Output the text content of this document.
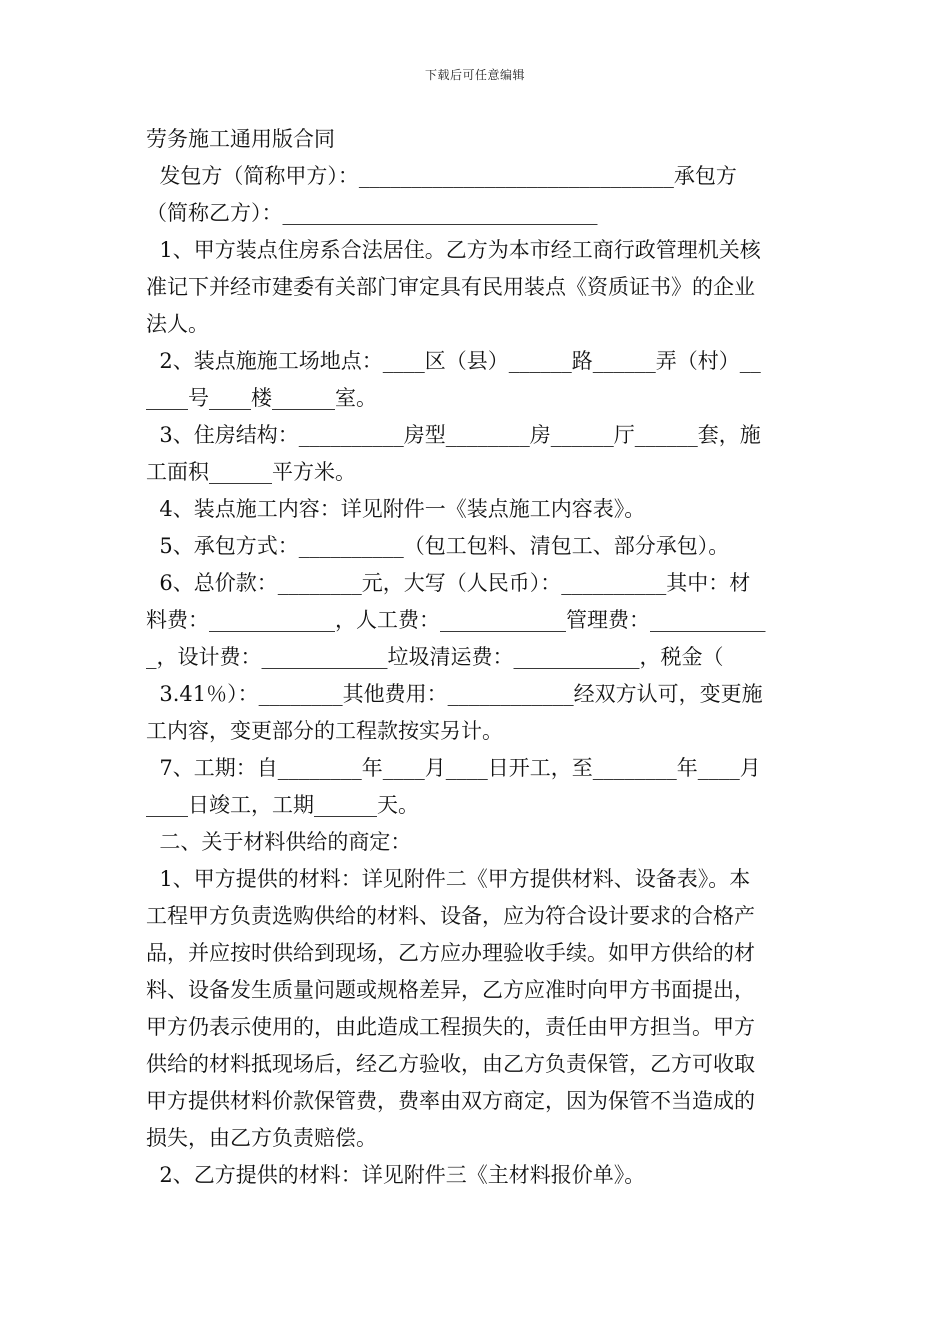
下载后可任意编辑
劳务施工通用版合同
发包方（简称甲方）：______________________________承包方
（简称乙方）：______________________________
1、甲方装点住房系合法居住。乙方为本市经工商行政管理机关核
准记下并经市建委有关部门审定具有民用装点《资质证书》的企业
法人。
2、装点施施工场地点：____区（县）______路______弄（村）__
____号____楼______室。
3、住房结构：__________房型________房______厅______套，施
工面积______平方米。
4、装点施工内容：详见附件一《装点施工内容表》。
5、承包方式：__________（包工包料、清包工、部分承包）。
6、总价款：________元，大写（人民币）：__________其中：材
料费：____________，人工费：____________管理费：___________
_，设计费：____________垃圾清运费：____________，税金（
3.41％）：________其他费用：____________经双方认可，变更施
工内容，变更部分的工程款按实另计。
7、工期：自________年____月____日开工，至________年____月
____日竣工，工期______天。
二、关于材料供给的商定：
1、甲方提供的材料：详见附件二《甲方提供材料、设备表》。本
工程甲方负责选购供给的材料、设备，应为符合设计要求的合格产
品，并应按时供给到现场，乙方应办理验收手续。如甲方供给的材
料、设备发生质量问题或规格差异，乙方应准时向甲方书面提出，
甲方仍表示使用的，由此造成工程损失的，责任由甲方担当。甲方
供给的材料抵现场后，经乙方验收，由乙方负责保管，乙方可收取
甲方提供材料价款保管费，费率由双方商定，因为保管不当造成的
损失，由乙方负责赔偿。
2、乙方提供的材料：详见附件三《主材料报价单》。
